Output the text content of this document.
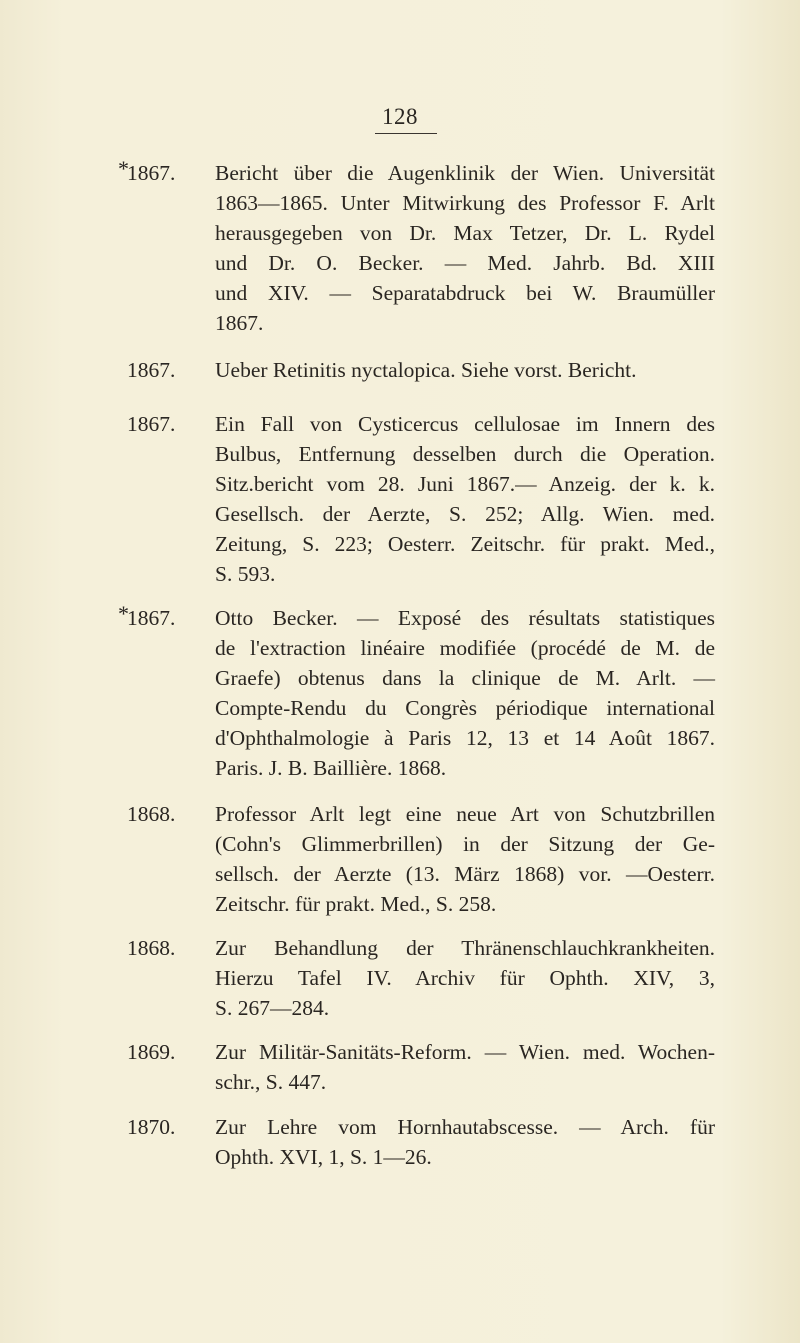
128
*
1867.	Bericht über die Augenklinik der Wien. Universität
1863—1865. Unter Mitwirkung des Professor F. Arlt
herausgegeben von Dr. Max Tetzer, Dr. L. Rydel
und Dr. O. Becker. — Med. Jahrb. Bd. XIII
und XIV. — Separatabdruck bei W. Braumüller
1867.
1867.	Ueber Retinitis nyctalopica. Siehe vorst. Bericht.
1867.	Ein Fall von Cysticercus cellulosae im Innern des
Bulbus, Entfernung desselben durch die Operation.
Sitz.bericht vom 28. Juni 1867.— Anzeig. der k. k.
Gesellsch. der Aerzte, S. 252; Allg. Wien. med.
Zeitung, S. 223; Oesterr. Zeitschr. für prakt. Med.,
S. 593.
*
1867.	Otto Becker. — Exposé des résultats statistiques
de l'extraction linéaire modifiée (procédé de M. de
Graefe) obtenus dans la clinique de M. Arlt. —
Compte-Rendu du Congrès périodique international
d'Ophthalmologie à Paris 12, 13 et 14 Août 1867.
Paris. J. B. Baillière. 1868.
1868.	Professor Arlt legt eine neue Art von Schutzbrillen
(Cohn's Glimmerbrillen) in der Sitzung der Ge-
sellsch. der Aerzte (13. März 1868) vor. —Oesterr.
Zeitschr. für prakt. Med., S. 258.
1868.	Zur Behandlung der Thränenschlauchkrankheiten.
Hierzu Tafel IV. Archiv für Ophth. XIV, 3,
S. 267—284.
1869.	Zur Militär-Sanitäts-Reform. — Wien. med. Wochen-
schr., S. 447.
1870.	Zur Lehre vom Hornhautabscesse. — Arch. für
Ophth. XVI, 1, S. 1—26.
